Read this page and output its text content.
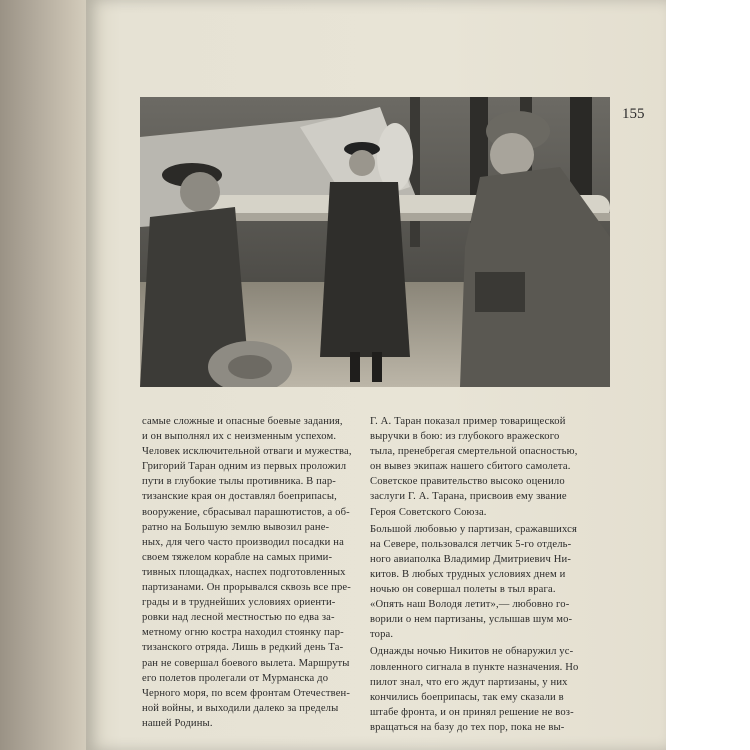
155

самые сложные и опасные боевые задания,
и он выполнял их с неизменным успехом.
Человек исключительной отваги и мужества,
Григорий Таран одним из первых проложил
пути в глубокие тылы противника. В пар-
тизанские края он доставлял боеприпасы,
вооружение, сбрасывал парашютистов, а об-
ратно на Большую землю вывозил ране-
ных, для чего часто производил посадки на
своем тяжелом корабле на самых прими-
тивных площадках, наспех подготовленных
партизанами. Он прорывался сквозь все пре-
грады и в труднейших условиях ориенти-
ровки над лесной местностью по едва за-
метному огню костра находил стоянку пар-
тизанского отряда. Лишь в редкий день Та-
ран не совершал боевого вылета. Маршруты
его полетов пролегали от Мурманска до
Черного моря, по всем фронтам Отечествен-
ной войны, и выходили далеко за пределы
нашей Родины.

Г. А. Таран показал пример товарищеской
выручки в бою: из глубокого вражеского
тыла, пренебрегая смертельной опасностью,
он вывез экипаж нашего сбитого самолета.
Советское правительство высоко оценило
заслуги Г. А. Тарана, присвоив ему звание
Героя Советского Союза.

Большой любовью у партизан, сражавшихся
на Севере, пользовался летчик 5-го отдель-
ного авиаполка Владимир Дмитриевич Ни-
китов. В любых трудных условиях днем и
ночью он совершал полеты в тыл врага.
«Опять наш Володя летит»,— любовно го-
ворили о нем партизаны, услышав шум мо-
тора.

Однажды ночью Никитов не обнаружил ус-
ловленного сигнала в пункте назначения. Но
пилот знал, что его ждут партизаны, у них
кончились боеприпасы, так ему сказали в
штабе фронта, и он принял решение не воз-
вращаться на базу до тех пор, пока не вы-
